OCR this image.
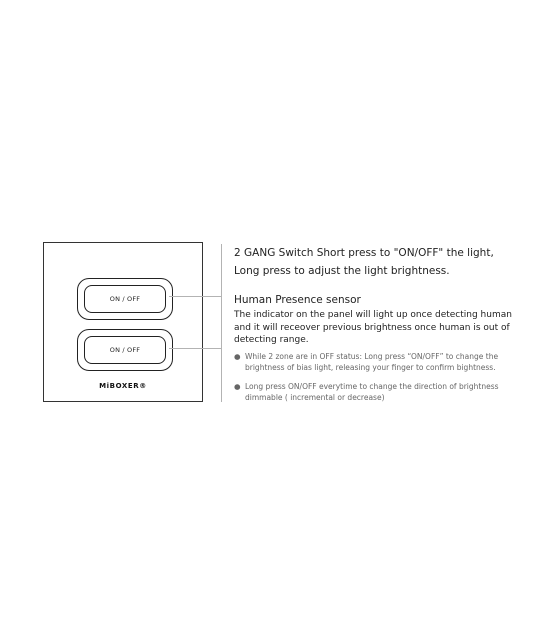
ON / OFF
ON / OFF
MiBOXER®
2 GANG Switch Short press to "ON/OFF" the light,
Long press to adjust the light brightness.
Human Presence sensor
The indicator on the panel will light up once detecting human
and it will receover previous brightness once human is out of
detecting range.
● While 2 zone are in OFF status: Long press “ON/OFF” to change the
brightness of bias light, releasing your finger to confirm bightness.
● Long press ON/OFF everytime to change the direction of brightness
dimmable ( incremental or decrease)
